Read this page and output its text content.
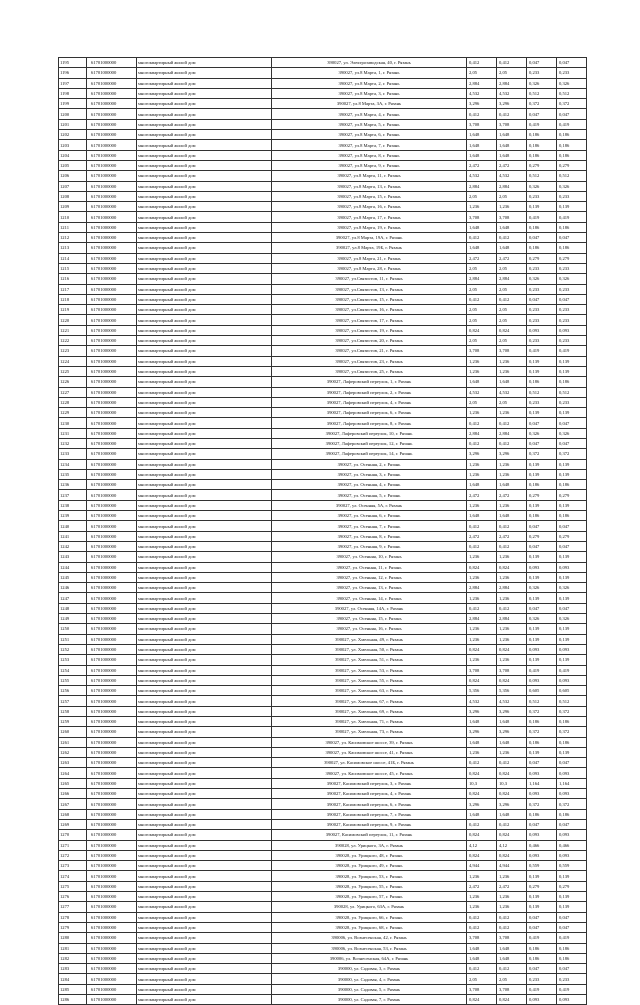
1195	61701000000	многоквартирный жилой дом	390027, ул. Электрозаводская, 40, г. Рязань	0,412	0,412	0,047	0,047
1196	61701000000	многоквартирный жилой дом	390027, ул.8 Марта, 1, г. Рязань	2,05	2,05	0,233	0,233
1197	61701000000	многоквартирный жилой дом	390027, ул.8 Марта, 2, г. Рязань	2,884	2,884	0,326	0,326
1198	61701000000	многоквартирный жилой дом	390027, ул.8 Марта, 3, г. Рязань	4,532	4,532	0,512	0,512
1199	61701000000	многоквартирный жилой дом	390027, ул.8 Марта, 3А, г. Рязань	3,296	3,296	0,372	0,372
1200	61701000000	многоквартирный жилой дом	390027, ул.8 Марта, 4, г. Рязань	0,412	0,412	0,047	0,047
1201	61701000000	многоквартирный жилой дом	390027, ул.8 Марта, 5, г. Рязань	3,708	3,708	0,419	0,419
1202	61701000000	многоквартирный жилой дом	390027, ул.8 Марта, 6, г. Рязань	1,648	1,648	0,186	0,186
1203	61701000000	многоквартирный жилой дом	390027, ул.8 Марта, 7, г. Рязань	1,648	1,648	0,186	0,186
1204	61701000000	многоквартирный жилой дом	390027, ул.8 Марта, 8, г. Рязань	1,648	1,648	0,186	0,186
1205	61701000000	многоквартирный жилой дом	390027, ул.8 Марта, 9, г. Рязань	2,472	2,472	0,279	0,279
1206	61701000000	многоквартирный жилой дом	390027, ул.8 Марта, 11, г. Рязань	4,532	4,532	0,512	0,512
1207	61701000000	многоквартирный жилой дом	390027, ул.8 Марта, 13, г. Рязань	2,884	2,884	0,326	0,326
1208	61701000000	многоквартирный жилой дом	390027, ул.8 Марта, 15, г. Рязань	2,05	2,05	0,233	0,233
1209	61701000000	многоквартирный жилой дом	390027, ул.8 Марта, 16, г. Рязань	1,236	1,236	0,139	0,139
1210	61701000000	многоквартирный жилой дом	390027, ул.8 Марта, 17, г. Рязань	3,708	3,708	0,419	0,419
1211	61701000000	многоквартирный жилой дом	390027, ул.8 Марта, 19, г. Рязань	1,648	1,648	0,186	0,186
1212	61701000000	многоквартирный жилой дом	390027, ул.8 Марта, 19А, г. Рязань	0,412	0,412	0,047	0,047
1213	61701000000	многоквартирный жилой дом	390027, ул.8 Марта, 19Б, г. Рязань	1,648	1,648	0,186	0,186
1214	61701000000	многоквартирный жилой дом	390027, ул.8 Марта, 21, г. Рязань	2,472	2,472	0,279	0,279
1215	61701000000	многоквартирный жилой дом	390027, ул.8 Марта, 28, г. Рязань	2,05	2,05	0,233	0,233
1216	61701000000	многоквартирный жилой дом	390027, ул.Связистов, 11, г. Рязань	2,884	2,884	0,326	0,326
1217	61701000000	многоквартирный жилой дом	390027, ул.Связистов, 13, г. Рязань	2,05	2,05	0,233	0,233
1218	61701000000	многоквартирный жилой дом	390027, ул.Связистов, 15, г. Рязань	0,412	0,412	0,047	0,047
1219	61701000000	многоквартирный жилой дом	390027, ул.Связистов, 16, г. Рязань	2,05	2,05	0,233	0,233
1220	61701000000	многоквартирный жилой дом	390027, ул.Связистов, 17, г. Рязань	2,05	2,05	0,233	0,233
1221	61701000000	многоквартирный жилой дом	390027, ул.Связистов, 19, г. Рязань	0,824	0,824	0,093	0,093
1222	61701000000	многоквартирный жилой дом	390027, ул.Связистов, 20, г. Рязань	2,05	2,05	0,233	0,233
1223	61701000000	многоквартирный жилой дом	390027, ул.Связистов, 21, г. Рязань	3,708	3,708	0,419	0,419
1224	61701000000	многоквартирный жилой дом	390027, ул.Связистов, 23, г. Рязань	1,236	1,236	0,139	0,139
1225	61701000000	многоквартирный жилой дом	390027, ул.Связистов, 25, г. Рязань	1,236	1,236	0,139	0,139
1226	61701000000	многоквартирный жилой дом	390027, Лаферовский переулок, 1, г. Рязань	1,648	1,648	0,186	0,186
1227	61701000000	многоквартирный жилой дом	390027, Лаферовский переулок, 2, г. Рязань	4,532	4,532	0,512	0,512
1228	61701000000	многоквартирный жилой дом	390027, Лаферовский переулок, 4, г. Рязань	2,05	2,05	0,233	0,233
1229	61701000000	многоквартирный жилой дом	390027, Лаферовский переулок, 6, г. Рязань	1,236	1,236	0,139	0,139
1230	61701000000	многоквартирный жилой дом	390027, Лаферовский переулок, 8, г. Рязань	0,412	0,412	0,047	0,047
1231	61701000000	многоквартирный жилой дом	390027, Лаферовский переулок, 10, г. Рязань	2,884	2,884	0,326	0,326
1232	61701000000	многоквартирный жилой дом	390027, Лаферовский переулок, 12, г. Рязань	0,412	0,412	0,047	0,047
1233	61701000000	многоквартирный жилой дом	390027, Лаферовский переулок, 14, г. Рязань	3,296	3,296	0,372	0,372
1234	61701000000	многоквартирный жилой дом	390027, ул. Осенняя, 2, г. Рязань	1,236	1,236	0,139	0,139
1235	61701000000	многоквартирный жилой дом	390027, ул. Осенняя, 3, г. Рязань	1,236	1,236	0,139	0,139
1236	61701000000	многоквартирный жилой дом	390027, ул. Осенняя, 4, г. Рязань	1,648	1,648	0,186	0,186
1237	61701000000	многоквартирный жилой дом	390027, ул. Осенняя, 5, г. Рязань	2,472	2,472	0,279	0,279
1238	61701000000	многоквартирный жилой дом	390027, ул. Осенняя, 5А, г. Рязань	1,236	1,236	0,139	0,139
1239	61701000000	многоквартирный жилой дом	390027, ул. Осенняя, 6, г. Рязань	1,648	1,648	0,186	0,186
1240	61701000000	многоквартирный жилой дом	390027, ул. Осенняя, 7, г. Рязань	0,412	0,412	0,047	0,047
1241	61701000000	многоквартирный жилой дом	390027, ул. Осенняя, 8, г. Рязань	2,472	2,472	0,279	0,279
1242	61701000000	многоквартирный жилой дом	390027, ул. Осенняя, 9, г. Рязань	0,412	0,412	0,047	0,047
1243	61701000000	многоквартирный жилой дом	390027, ул. Осенняя, 10, г. Рязань	1,236	1,236	0,139	0,139
1244	61701000000	многоквартирный жилой дом	390027, ул. Осенняя, 11, г. Рязань	0,824	0,824	0,093	0,093
1245	61701000000	многоквартирный жилой дом	390027, ул. Осенняя, 12, г. Рязань	1,236	1,236	0,139	0,139
1246	61701000000	многоквартирный жилой дом	390027, ул. Осенняя, 13, г. Рязань	2,884	2,884	0,326	0,326
1247	61701000000	многоквартирный жилой дом	390027, ул. Осенняя, 14, г. Рязань	1,236	1,236	0,139	0,139
1248	61701000000	многоквартирный жилой дом	390027, ул. Осенняя, 14А, г. Рязань	0,412	0,412	0,047	0,047
1249	61701000000	многоквартирный жилой дом	390027, ул. Осенняя, 15, г. Рязань	2,884	2,884	0,326	0,326
1250	61701000000	многоквартирный жилой дом	390027, ул. Осенняя, 16, г. Рязань	1,236	1,236	0,139	0,139
1251	61701000000	многоквартирный жилой дом	390027, ул. Хмельная, 49, г. Рязань	1,236	1,236	0,139	0,139
1252	61701000000	многоквартирный жилой дом	390027, ул. Хмельная, 50, г. Рязань	0,824	0,824	0,093	0,093
1253	61701000000	многоквартирный жилой дом	390027, ул. Хмельная, 51, г. Рязань	1,236	1,236	0,139	0,139
1254	61701000000	многоквартирный жилой дом	390027, ул. Хмельная, 53, г. Рязань	3,708	3,708	0,419	0,419
1255	61701000000	многоквартирный жилой дом	390027, ул. Хмельная, 55, г. Рязань	0,824	0,824	0,093	0,093
1256	61701000000	многоквартирный жилой дом	390027, ул. Хмельная, 63, г. Рязань	5,356	5,356	0,605	0,605
1257	61701000000	многоквартирный жилой дом	390027, ул. Хмельная, 67, г. Рязань	4,532	4,532	0,512	0,512
1258	61701000000	многоквартирный жилой дом	390027, ул. Хмельная, 69, г. Рязань	3,296	3,296	0,372	0,372
1259	61701000000	многоквартирный жилой дом	390027, ул. Хмельная, 71, г. Рязань	1,648	1,648	0,186	0,186
1260	61701000000	многоквартирный жилой дом	390027, ул. Хмельная, 73, г. Рязань	3,296	3,296	0,372	0,372
1261	61701000000	многоквартирный жилой дом	390027, ул. Касимовское шоссе, 39, г. Рязань	1,648	1,648	0,186	0,186
1262	61701000000	многоквартирный жилой дом	390027, ул. Касимовское шоссе, 41, г. Рязань	1,236	1,236	0,139	0,139
1263	61701000000	многоквартирный жилой дом	390027, ул. Касимовское шоссе, 41Б, г. Рязань	0,412	0,412	0,047	0,047
1264	61701000000	многоквартирный жилой дом	390027, ул. Касимовское шоссе, 45, г. Рязань	0,824	0,824	0,093	0,093
1265	61701000000	многоквартирный жилой дом	390027, Касимовский переулок, 3, г. Рязань	10,3	10,3	1,164	1,164
1266	61701000000	многоквартирный жилой дом	390027, Касимовский переулок, 4, г. Рязань	0,824	0,824	0,093	0,093
1267	61701000000	многоквартирный жилой дом	390027, Касимовский переулок, 6, г. Рязань	3,296	3,296	0,372	0,372
1268	61701000000	многоквартирный жилой дом	390027, Касимовский переулок, 7, г. Рязань	1,648	1,648	0,186	0,186
1269	61701000000	многоквартирный жилой дом	390027, Касимовский переулок, 9, г. Рязань	0,412	0,412	0,047	0,047
1270	61701000000	многоквартирный жилой дом	390027, Касимовский переулок, 11, г. Рязань	0,824	0,824	0,093	0,093
1271	61701000000	многоквартирный жилой дом	390028, ул. Урицкого, 3А, г. Рязань	4,12	4,12	0,466	0,466
1272	61701000000	многоквартирный жилой дом	390028, ул. Урицкого, 48, г. Рязань	0,824	0,824	0,093	0,093
1273	61701000000	многоквартирный жилой дом	390028, ул. Урицкого, 49, г. Рязань	4,944	4,944	0,559	0,559
1274	61701000000	многоквартирный жилой дом	390028, ул. Урицкого, 53, г. Рязань	1,236	1,236	0,139	0,139
1275	61701000000	многоквартирный жилой дом	390028, ул. Урицкого, 55, г. Рязань	2,472	2,472	0,279	0,279
1276	61701000000	многоквартирный жилой дом	390028, ул. Урицкого, 57, г. Рязань	1,236	1,236	0,139	0,139
1277	61701000000	многоквартирный жилой дом	390028, ул. Урицкого, 63А, г. Рязань	1,236	1,236	0,139	0,139
1278	61701000000	многоквартирный жилой дом	390028, ул. Урицкого, 66, г. Рязань	0,412	0,412	0,047	0,047
1279	61701000000	многоквартирный жилой дом	390028, ул. Урицкого, 68, г. Рязань	0,412	0,412	0,047	0,047
1280	61701000000	многоквартирный жилой дом	390006, ул. Вознесенская, 42, г. Рязань	3,708	3,708	0,419	0,419
1281	61701000000	многоквартирный жилой дом	390006, ул. Вознесенская, 53, г. Рязань	1,648	1,648	0,186	0,186
1282	61701000000	многоквартирный жилой дом	390006, ул. Вознесенская, 64А, г. Рязань	1,648	1,648	0,186	0,186
1283	61701000000	многоквартирный жилой дом	390000, ул. Садовая, 3, г. Рязань	0,412	0,412	0,047	0,047
1284	61701000000	многоквартирный жилой дом	390000, ул. Садовая, 4, г. Рязань	2,05	2,05	0,233	0,233
1285	61701000000	многоквартирный жилой дом	390000, ул. Садовая, 5, г. Рязань	3,708	3,708	0,419	0,419
1286	61701000000	многоквартирный жилой дом	390000, ул. Садовая, 7, г. Рязань	0,824	0,824	0,093	0,093
